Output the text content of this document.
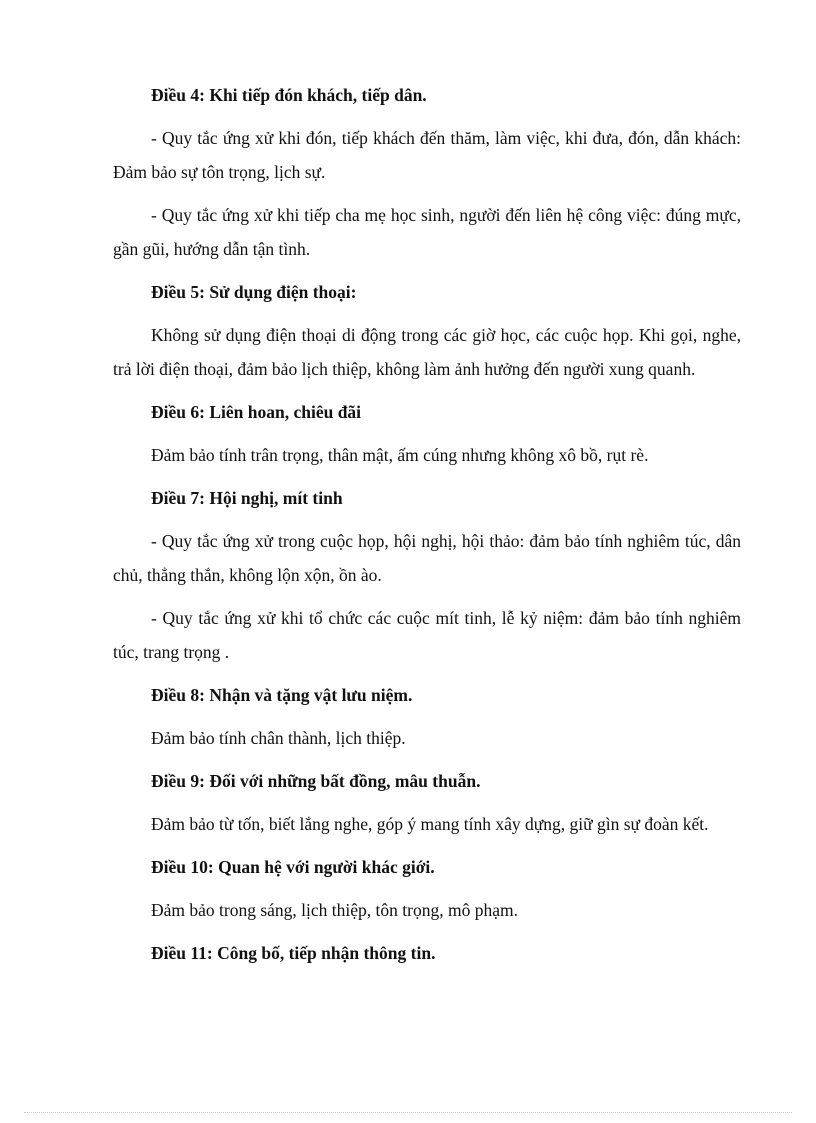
Điều 4: Khi tiếp đón khách, tiếp dân.
- Quy tắc ứng xử khi đón, tiếp khách đến thăm, làm việc, khi đưa, đón, dẫn khách: Đảm bảo sự tôn trọng, lịch sự.
- Quy tắc ứng xử khi tiếp cha mẹ học sinh, người đến liên hệ công việc: đúng mực, gần gũi, hướng dẫn tận tình.
Điều 5: Sử dụng điện thoại:
Không sử dụng điện thoại di động trong các giờ học, các cuộc họp. Khi gọi, nghe, trả lời điện thoại, đảm bảo lịch thiệp, không làm ảnh hưởng đến người xung quanh.
Điều 6: Liên hoan, chiêu đãi
Đảm bảo tính trân trọng, thân mật, ấm cúng nhưng không xô bồ, rụt rè.
Điều 7: Hội nghị, mít tinh
- Quy tắc ứng xử trong cuộc họp, hội nghị, hội thảo: đảm bảo tính nghiêm túc, dân chủ, thẳng thắn, không lộn xộn, ồn ào.
- Quy tắc ứng xử khi tổ chức các cuộc mít tinh, lễ kỷ niệm: đảm bảo tính nghiêm túc, trang trọng .
Điều 8: Nhận và tặng vật lưu niệm.
Đảm bảo tính chân thành, lịch thiệp.
Điều 9: Đối với những bất đồng, mâu thuẫn.
Đảm bảo từ tốn, biết lắng nghe, góp ý mang tính xây dựng, giữ gìn sự đoàn kết.
Điều 10: Quan hệ với người khác giới.
Đảm bảo trong sáng, lịch thiệp, tôn trọng, mô phạm.
Điều 11: Công bố, tiếp nhận thông tin.
